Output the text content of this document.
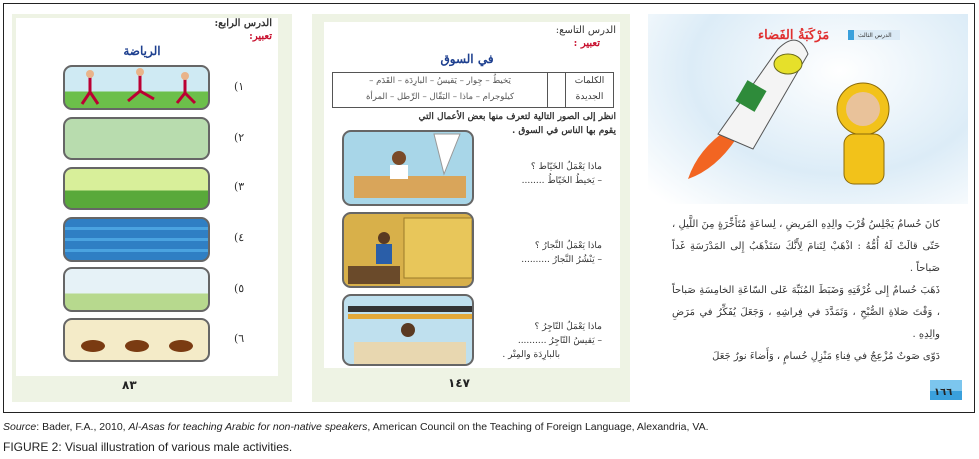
الدرس الرابع:
تعبير:
الرياضة
١)
٢)
٣)
٤)
٥)
٦)
٨٣
الدرس التاسع:
تعبير :
في السوق
الكلمات
الجديدة
يَخيطُ – جِوار – يَقيسُ – البارِدَة – القَدَم –
كيلوجرام – ماذا – البَقّال – الرِّطل – المرأة
انظر إلى الصور التالية لتعرف منها بعض الأعمال التي يقوم بها الناس في السوق .
ماذا يَعْمَلُ الخَيّاط ؟
– يَخيطُ الخَيّاطُ ........
ماذا يَعْمَلُ النَّجارُ ؟
– يَنْشُرُ النَّجارُ ..........
ماذا يَعْمَلُ التّاجِرُ ؟
– يَقيسُ التّاجِرُ ..........
بالبارِدَة والمِتْر .
١٤٧
الدرس الثالث
مَرْكَبَةُ الفَضاء

كانَ حُسامٌ يَجْلِسُ قُرْبَ والِدِهِ المَريضِ ، لِساعَةٍ مُتَأَخِّرَةٍ مِنَ اللَّيلِ ، حَتّى قالَتْ لَهُ أُمُّهُ : اذْهَبْ لِتَنامَ لِأَنَّكَ سَتَذْهَبُ إِلى المَدْرَسَةِ غَداً صَباحاً .

ذَهَبَ حُسامٌ إِلى غُرْفَتِهِ وَضَبَطَ المُنَبِّهَ عَلى السّاعَةِ الخامِسَةِ صَباحاً ، وَقْتَ صَلاةِ الصُّبْحِ ، وَتَمَدَّدَ في فِراشِهِ ، وَجَعَلَ يُفَكِّرُ في مَرَضِ والِدِهِ .

دَوّى صَوتٌ مُزْعِجٌ في فِناءِ مَنْزِلِ حُسامٍ ، وَأَضاءَ نورٌ جَعَلَ

١٦٦
Source: Bader, F.A., 2010, Al-Asas for teaching Arabic for non-native speakers, American Council on the Teaching of Foreign Language, Alexandria, VA.
FIGURE 2: Visual illustration of various male activities.
